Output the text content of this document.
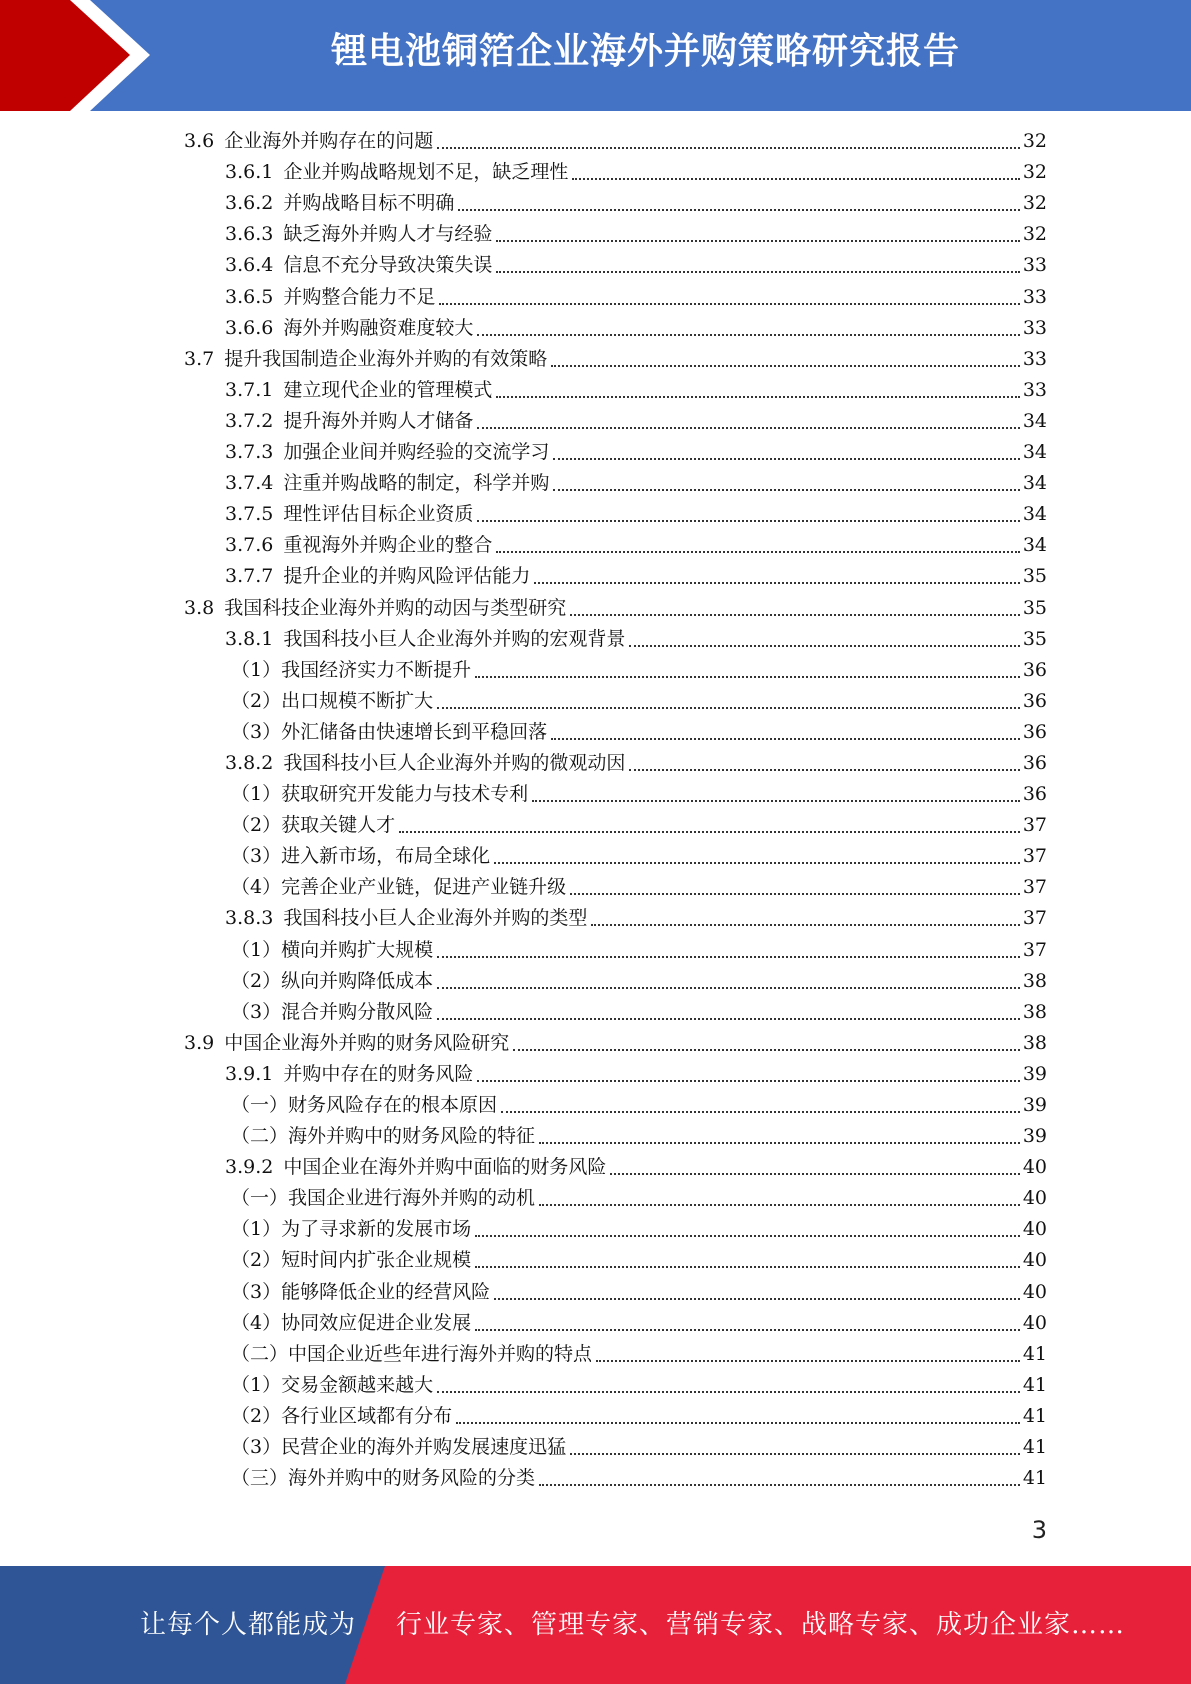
锂电池铜箔企业海外并购策略研究报告
3.6 企业海外并购存在的问题	32
3.6.1 企业并购战略规划不足，缺乏理性	32
3.6.2 并购战略目标不明确	32
3.6.3 缺乏海外并购人才与经验	32
3.6.4 信息不充分导致决策失误	33
3.6.5 并购整合能力不足	33
3.6.6 海外并购融资难度较大	33
3.7 提升我国制造企业海外并购的有效策略	33
3.7.1 建立现代企业的管理模式	33
3.7.2 提升海外并购人才储备	34
3.7.3 加强企业间并购经验的交流学习	34
3.7.4 注重并购战略的制定，科学并购	34
3.7.5 理性评估目标企业资质	34
3.7.6 重视海外并购企业的整合	34
3.7.7 提升企业的并购风险评估能力	35
3.8 我国科技企业海外并购的动因与类型研究	35
3.8.1 我国科技小巨人企业海外并购的宏观背景	35
（1）我国经济实力不断提升	36
（2）出口规模不断扩大	36
（3）外汇储备由快速增长到平稳回落	36
3.8.2 我国科技小巨人企业海外并购的微观动因	36
（1）获取研究开发能力与技术专利	36
（2）获取关键人才	37
（3）进入新市场，布局全球化	37
（4）完善企业产业链，促进产业链升级	37
3.8.3 我国科技小巨人企业海外并购的类型	37
（1）横向并购扩大规模	37
（2）纵向并购降低成本	38
（3）混合并购分散风险	38
3.9 中国企业海外并购的财务风险研究	38
3.9.1 并购中存在的财务风险	39
（一）财务风险存在的根本原因	39
（二）海外并购中的财务风险的特征	39
3.9.2 中国企业在海外并购中面临的财务风险	40
（一）我国企业进行海外并购的动机	40
（1）为了寻求新的发展市场	40
（2）短时间内扩张企业规模	40
（3）能够降低企业的经营风险	40
（4）协同效应促进企业发展	40
（二）中国企业近些年进行海外并购的特点	41
（1）交易金额越来越大	41
（2）各行业区域都有分布	41
（3）民营企业的海外并购发展速度迅猛	41
（三）海外并购中的财务风险的分类	41
3
让每个人都能成为 行业专家、管理专家、营销专家、战略专家、成功企业家……
